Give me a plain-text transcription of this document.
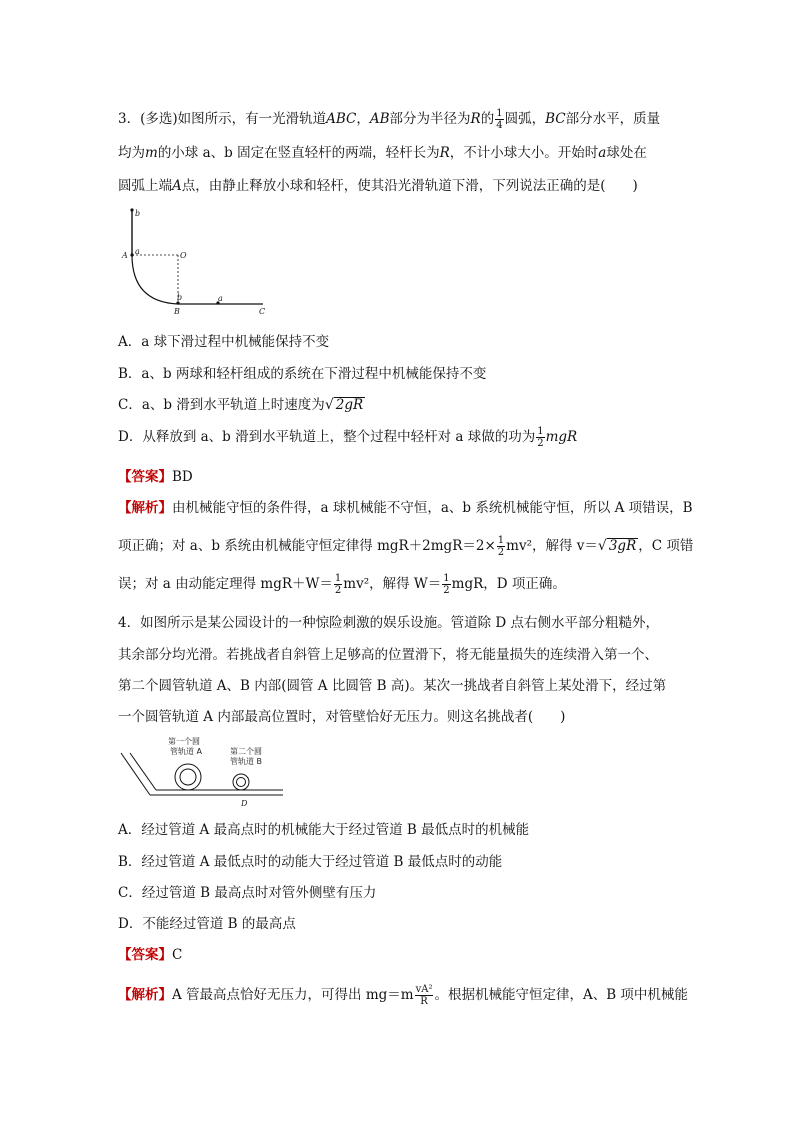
3．(多选)如图所示，有一光滑轨道ABC，AB部分为半径为R的 $\frac{1}{4}$ 圆弧，BC部分水平，质量
均为m的小球 a、b 固定在竖直轻杆的两端，轻杆长为R，不计小球大小。开始时a球处在
圆弧上端A点，由静止释放小球和轻杆，使其沿光滑轨道下滑，下列说法正确的是(　　)
b
a
A	O
b	a
B	C
A．a 球下滑过程中机械能保持不变
B．a、b 两球和轻杆组成的系统在下滑过程中机械能保持不变
C．a、b 滑到水平轨道上时速度为√ 2gR
D．从释放到 a、b 滑到水平轨道上，整个过程中轻杆对 a 球做的功为 $\frac{1}{2}$ mgR
【答案】BD
【解析】由机械能守恒的条件得，a 球机械能不守恒，a、b 系统机械能守恒，所以 A 项错误，B
项正确；对 a、b 系统由机械能守恒定律得 $mgR+2mgR=2\times \frac{1}{2} mv^2$，解得 v＝√ 3gR ，C 项错
误；对 a 由动能定理得 $mgR+W= \frac{1}{2} mv^2$，解得 $W= \frac{1}{2}$ mgR，D 项正确。
4．如图所示是某公园设计的一种惊险刺激的娱乐设施。管道除 D 点右侧水平部分粗糙外，
其余部分均光滑。若挑战者自斜管上足够高的位置滑下，将无能量损失的连续滑入第一个、
第二个圆管轨道 A、B 内部(圆管 A 比圆管 B 高)。某次一挑战者自斜管上某处滑下，经过第
一个圆管轨道 A 内部最高位置时，对管壁恰好无压力。则这名挑战者(　　)
第一个圆
管轨道 A	第二个圆
管轨道 B
D
A．经过管道 A 最高点时的机械能大于经过管道 B 最低点时的机械能
B．经过管道 A 最低点时的动能大于经过管道 B 最低点时的动能
C．经过管道 B 最高点时对管外侧壁有压力
D．不能经过管道 B 的最高点
【答案】C
【解析】A 管最高点恰好无压力，可得出 $mg=m \frac{\text{vA²}}{R}$ 。根据机械能守恒定律，A、B 项中机械能
